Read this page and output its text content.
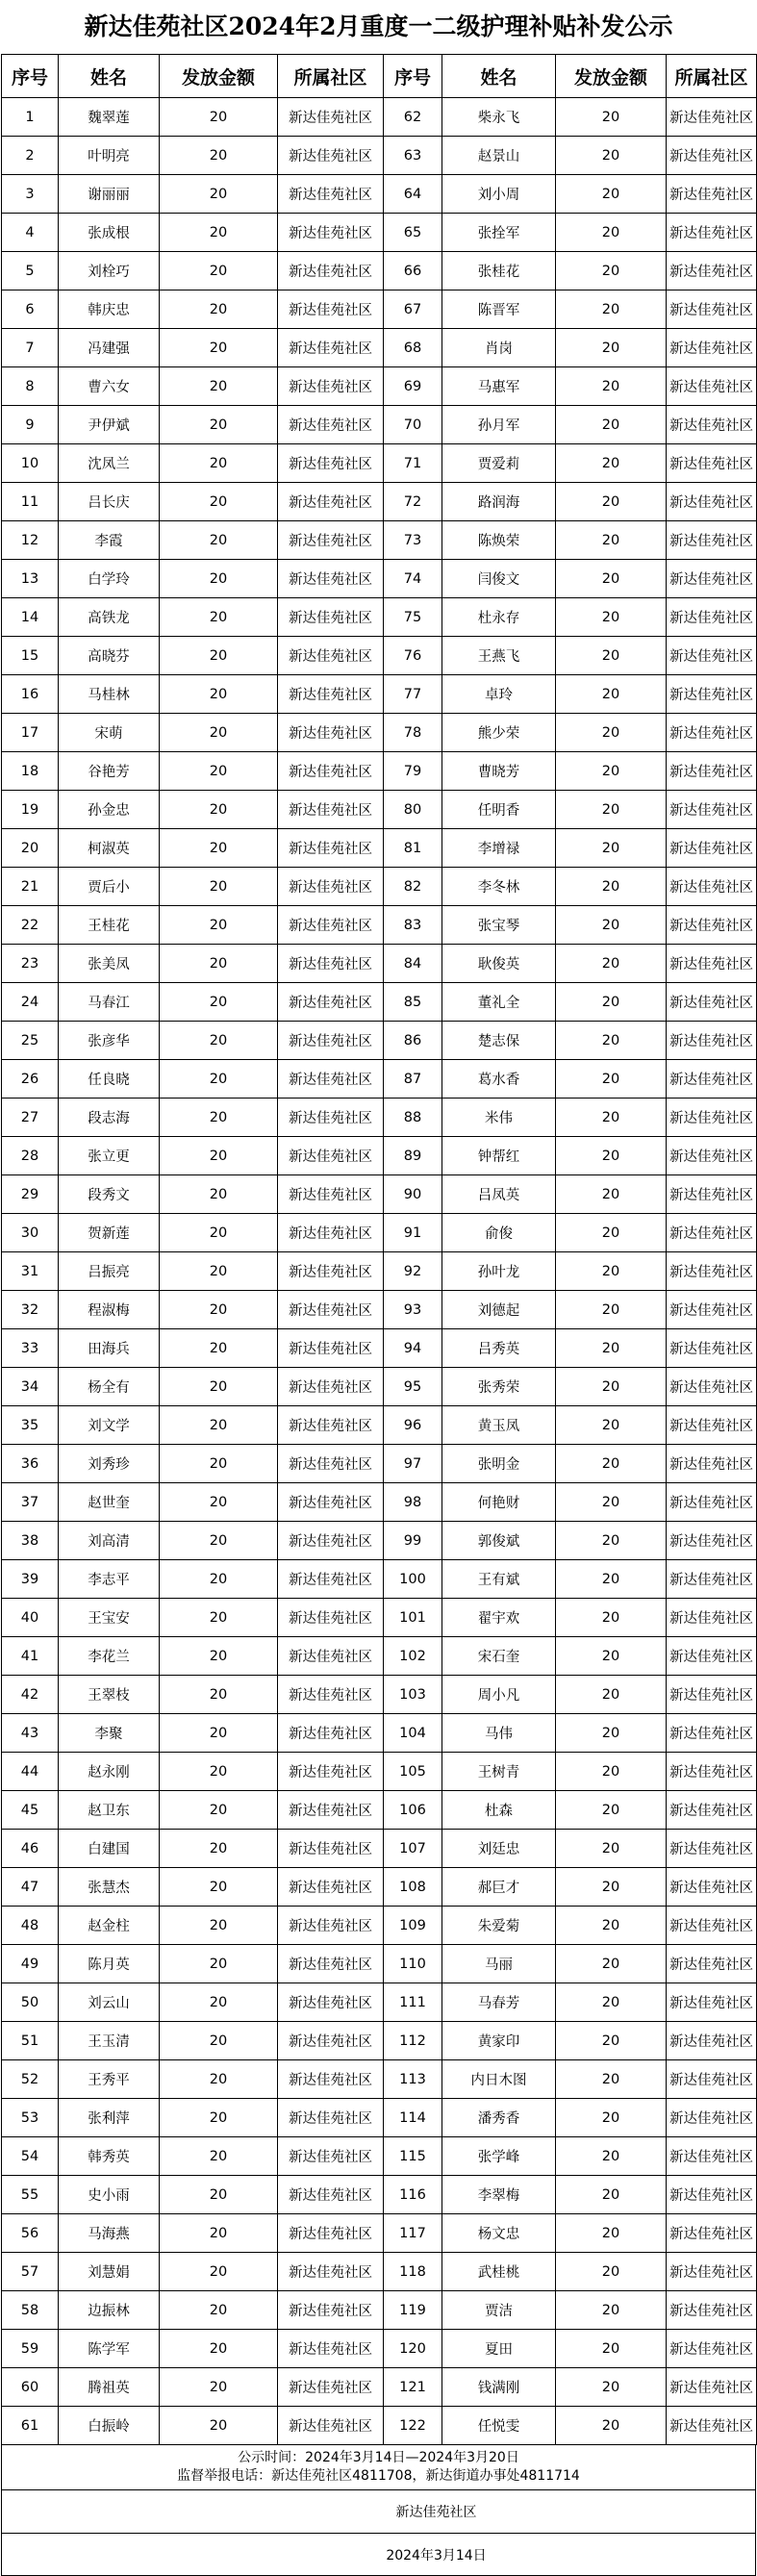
新达佳苑社区2024年2月重度一二级护理补贴补发公示
序号	姓名	发放金额	所属社区	序号	姓名	发放金额	所属社区
1	魏翠莲	20	新达佳苑社区	62	柴永飞	20	新达佳苑社区
2	叶明亮	20	新达佳苑社区	63	赵景山	20	新达佳苑社区
3	谢丽丽	20	新达佳苑社区	64	刘小周	20	新达佳苑社区
4	张成根	20	新达佳苑社区	65	张拴军	20	新达佳苑社区
5	刘栓巧	20	新达佳苑社区	66	张桂花	20	新达佳苑社区
6	韩庆忠	20	新达佳苑社区	67	陈晋军	20	新达佳苑社区
7	冯建强	20	新达佳苑社区	68	肖岗	20	新达佳苑社区
8	曹六女	20	新达佳苑社区	69	马惠军	20	新达佳苑社区
9	尹伊斌	20	新达佳苑社区	70	孙月军	20	新达佳苑社区
10	沈凤兰	20	新达佳苑社区	71	贾爱莉	20	新达佳苑社区
11	吕长庆	20	新达佳苑社区	72	路润海	20	新达佳苑社区
12	李霞	20	新达佳苑社区	73	陈焕荣	20	新达佳苑社区
13	白学玲	20	新达佳苑社区	74	闫俊文	20	新达佳苑社区
14	高铁龙	20	新达佳苑社区	75	杜永存	20	新达佳苑社区
15	高晓芬	20	新达佳苑社区	76	王燕飞	20	新达佳苑社区
16	马桂林	20	新达佳苑社区	77	卓玲	20	新达佳苑社区
17	宋萌	20	新达佳苑社区	78	熊少荣	20	新达佳苑社区
18	谷艳芳	20	新达佳苑社区	79	曹晓芳	20	新达佳苑社区
19	孙金忠	20	新达佳苑社区	80	任明香	20	新达佳苑社区
20	柯淑英	20	新达佳苑社区	81	李增禄	20	新达佳苑社区
21	贾后小	20	新达佳苑社区	82	李冬林	20	新达佳苑社区
22	王桂花	20	新达佳苑社区	83	张宝琴	20	新达佳苑社区
23	张美凤	20	新达佳苑社区	84	耿俊英	20	新达佳苑社区
24	马春江	20	新达佳苑社区	85	董礼全	20	新达佳苑社区
25	张彦华	20	新达佳苑社区	86	楚志保	20	新达佳苑社区
26	任良晓	20	新达佳苑社区	87	葛水香	20	新达佳苑社区
27	段志海	20	新达佳苑社区	88	米伟	20	新达佳苑社区
28	张立更	20	新达佳苑社区	89	钟帮红	20	新达佳苑社区
29	段秀文	20	新达佳苑社区	90	吕凤英	20	新达佳苑社区
30	贺新莲	20	新达佳苑社区	91	俞俊	20	新达佳苑社区
31	吕振亮	20	新达佳苑社区	92	孙叶龙	20	新达佳苑社区
32	程淑梅	20	新达佳苑社区	93	刘德起	20	新达佳苑社区
33	田海兵	20	新达佳苑社区	94	吕秀英	20	新达佳苑社区
34	杨全有	20	新达佳苑社区	95	张秀荣	20	新达佳苑社区
35	刘文学	20	新达佳苑社区	96	黄玉凤	20	新达佳苑社区
36	刘秀珍	20	新达佳苑社区	97	张明金	20	新达佳苑社区
37	赵世奎	20	新达佳苑社区	98	何艳财	20	新达佳苑社区
38	刘高清	20	新达佳苑社区	99	郭俊斌	20	新达佳苑社区
39	李志平	20	新达佳苑社区	100	王有斌	20	新达佳苑社区
40	王宝安	20	新达佳苑社区	101	翟宇欢	20	新达佳苑社区
41	李花兰	20	新达佳苑社区	102	宋石奎	20	新达佳苑社区
42	王翠枝	20	新达佳苑社区	103	周小凡	20	新达佳苑社区
43	李聚	20	新达佳苑社区	104	马伟	20	新达佳苑社区
44	赵永刚	20	新达佳苑社区	105	王树青	20	新达佳苑社区
45	赵卫东	20	新达佳苑社区	106	杜森	20	新达佳苑社区
46	白建国	20	新达佳苑社区	107	刘廷忠	20	新达佳苑社区
47	张慧杰	20	新达佳苑社区	108	郝巨才	20	新达佳苑社区
48	赵金柱	20	新达佳苑社区	109	朱爱菊	20	新达佳苑社区
49	陈月英	20	新达佳苑社区	110	马丽	20	新达佳苑社区
50	刘云山	20	新达佳苑社区	111	马春芳	20	新达佳苑社区
51	王玉清	20	新达佳苑社区	112	黄家印	20	新达佳苑社区
52	王秀平	20	新达佳苑社区	113	内日木图	20	新达佳苑社区
53	张利萍	20	新达佳苑社区	114	潘秀香	20	新达佳苑社区
54	韩秀英	20	新达佳苑社区	115	张学峰	20	新达佳苑社区
55	史小雨	20	新达佳苑社区	116	李翠梅	20	新达佳苑社区
56	马海燕	20	新达佳苑社区	117	杨文忠	20	新达佳苑社区
57	刘慧娟	20	新达佳苑社区	118	武桂桃	20	新达佳苑社区
58	边振林	20	新达佳苑社区	119	贾洁	20	新达佳苑社区
59	陈学军	20	新达佳苑社区	120	夏田	20	新达佳苑社区
60	腾祖英	20	新达佳苑社区	121	钱满刚	20	新达佳苑社区
61	白振岭	20	新达佳苑社区	122	任悦雯	20	新达佳苑社区
公示时间：2024年3月14日—2024年3月20日
监督举报电话：新达佳苑社区4811708，新达街道办事处4811714

新达佳苑社区
2024年3月14日
